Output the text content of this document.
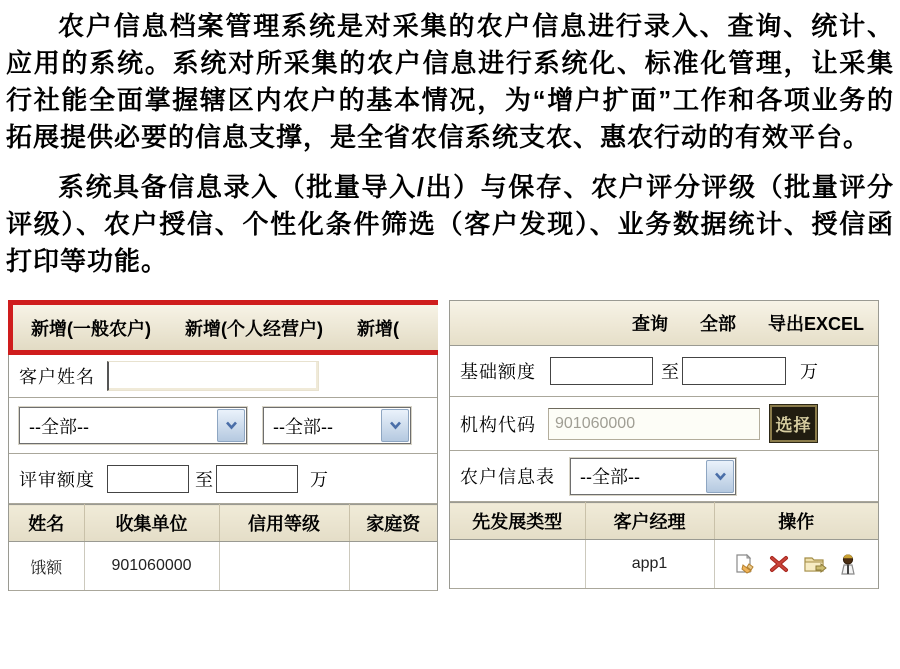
农户信息档案管理系统是对采集的农户信息进行录入、查询、统计、应用的系统。系统对所采集的农户信息进行系统化、标准化管理，让采集行社能全面掌握辖区内农户的基本情况，为“增户扩面”工作和各项业务的拓展提供必要的信息支撑，是全省农信系统支农、惠农行动的有效平台。

系统具备信息录入（批量导入/出）与保存、农户评分评级（批量评分评级）、农户授信、个性化条件筛选（客户发现）、业务数据统计、授信函打印等功能。

新增(一般农户) 新增(个人经营户) 新增(
客户姓名
--全部--	--全部--
评审额度	至	万
姓名	收集单位	信用等级	家庭资
饿额	901060000		
查询 全部 导出EXCEL
基础额度	至	万
机构代码
901060000	选择
农户信息表 --全部--
先发展类型	客户经理	操作
	app1	
